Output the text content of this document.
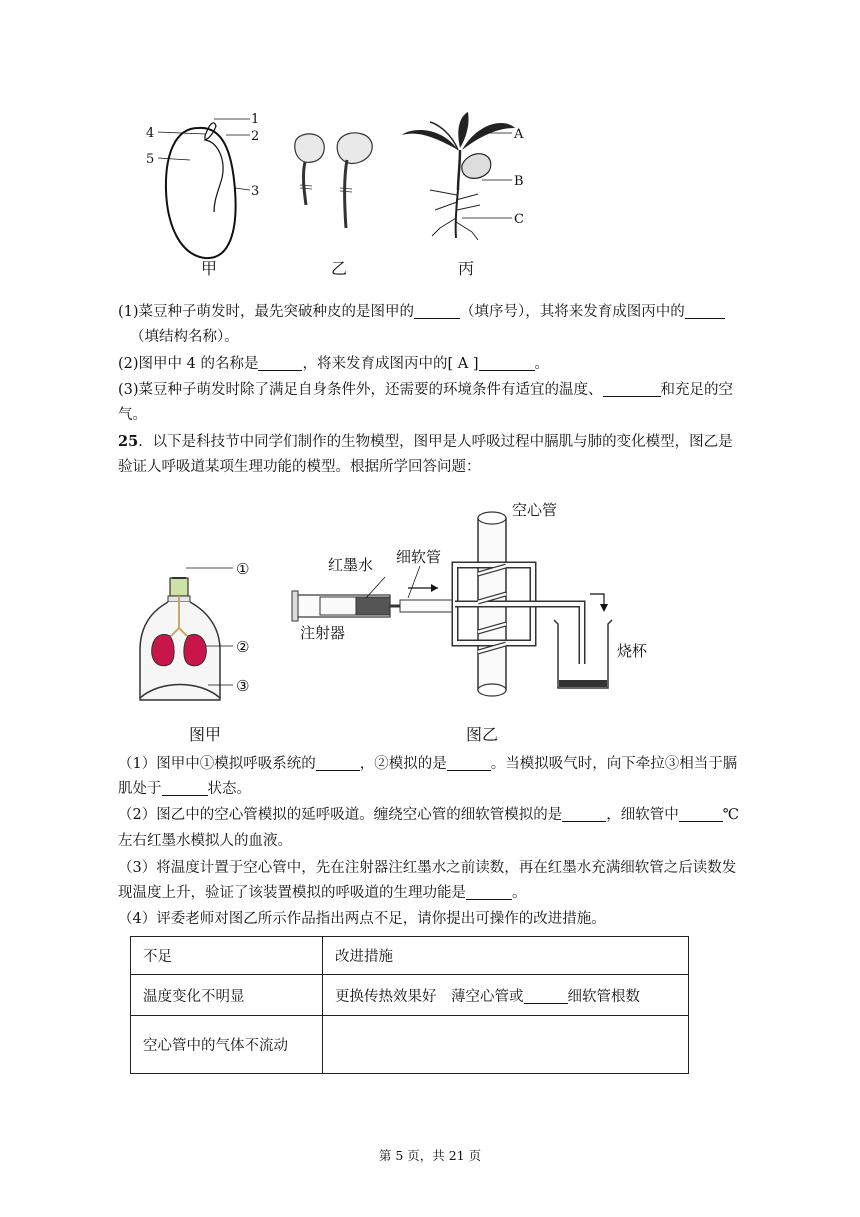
1
2
3
4
5
A
B
C
甲	乙	丙
(1)菜豆种子萌发时，最先突破种皮的是图甲的	（填序号），其将来发育成图丙中的
（填结构名称）。
(2)图甲中 4 的名称是	，将来发育成图丙中的[ A ]	。
(3)菜豆种子萌发时除了满足自身条件外，还需要的环境条件有适宜的温度、	和充足的空
气。
25．以下是科技节中同学们制作的生物模型，图甲是人呼吸过程中膈肌与肺的变化模型，图乙是
验证人呼吸道某项生理功能的模型。根据所学回答问题：
①
②
③
空心管
红墨水 细软管
注射器
烧杯
图甲	图乙
（1）图甲中①模拟呼吸系统的	，②模拟的是	。当模拟吸气时，向下牵拉③相当于膈
肌处于	状态。
（2）图乙中的空心管模拟的延呼吸道。缠绕空心管的细软管模拟的是	，细软管中	℃
左右红墨水模拟人的血液。
（3）将温度计置于空心管中，先在注射器注红墨水之前读数，再在红墨水充满细软管之后读数发
现温度上升，验证了该装置模拟的呼吸道的生理功能是	。
（4）评委老师对图乙所示作品指出两点不足，请你提出可操作的改进措施。
不足	改进措施
温度变化不明显	更换传热效果好　薄空心管或 细软管根数
空心管中的气体不流动	
第 5 页，共 21 页
